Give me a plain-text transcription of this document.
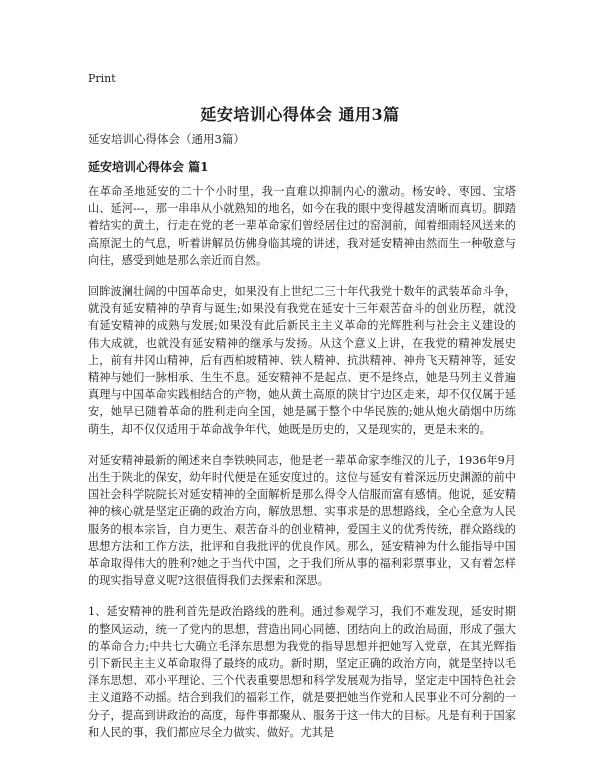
Print
延安培训心得体会 通用3篇

延安培训心得体会（通用3篇）

延安培训心得体会 篇1

在革命圣地延安的二十个小时里，我一直难以抑制内心的激动。杨安岭、枣园、宝塔山、延河---，那一串串从小就熟知的地名，如今在我的眼中变得越发清晰而真切。脚踏着结实的黄土，行走在党的老一辈革命家们曾经居住过的窑洞前，闻着细雨轻风送来的高原泥土的气息，听着讲解员仿佛身临其境的讲述，我对延安精神由然而生一种敬意与向往，感受到她是那么亲近而自然。

回眸波澜壮阔的中国革命史，如果没有上世纪二三十年代我党十数年的武装革命斗争，就没有延安精神的孕育与诞生;如果没有我党在延安十三年艰苦奋斗的创业历程，就没有延安精神的成熟与发展;如果没有此后新民主主义革命的光辉胜利与社会主义建设的伟大成就，也就没有延安精神的继承与发扬。从这个意义上讲，在我党的精神发展史上，前有井冈山精神，后有西柏坡精神、铁人精神、抗洪精神、神舟飞天精神等，延安精神与她们一脉相承、生生不息。延安精神不是起点、更不是终点，她是马列主义普遍真理与中国革命实践相结合的产物，她从黄土高原的陕甘宁边区走来，却不仅仅属于延安，她早已随着革命的胜利走向全国，她是属于整个中华民族的;她从炮火硝烟中历练萌生，却不仅仅适用于革命战争年代，她既是历史的，又是现实的，更是未来的。

对延安精神最新的阐述来自李铁映同志，他是老一辈革命家李维汉的儿子，1936年9月出生于陕北的保安，幼年时代便是在延安度过的。这位与延安有着深远历史渊源的前中国社会科学院院长对延安精神的全面解析是那么得令人信服而富有感情。他说，延安精神的核心就是坚定正确的政治方向，解放思想、实事求是的思想路线，全心全意为人民服务的根本宗旨，自力更生、艰苦奋斗的创业精神，爱国主义的优秀传统，群众路线的思想方法和工作方法，批评和自我批评的优良作风。那么，延安精神为什么能指导中国革命取得伟大的胜利?她之于当代中国，之于我们所从事的福利彩票事业，又有着怎样的现实指导意义呢?这很值得我们去探索和深思。

1、延安精神的胜利首先是政治路线的胜利。通过参观学习，我们不难发现，延安时期的整风运动，统一了党内的思想，营造出同心同德、团结向上的政治局面，形成了强大的革命合力;中共七大确立毛泽东思想为我党的指导思想并把她写入党章，在其光辉指引下新民主主义革命取得了最终的成功。新时期，坚定正确的政治方向，就是坚持以毛泽东思想、邓小平理论、三个代表重要思想和科学发展观为指导，坚定走中国特色社会主义道路不动摇。结合到我们的福彩工作，就是要把她当作党和人民事业不可分割的一分子，提高到讲政治的高度，每件事都聚从、服务于这一伟大的目标。凡是有利于国家和人民的事，我们都应尽全力做实、做好。尤其是
